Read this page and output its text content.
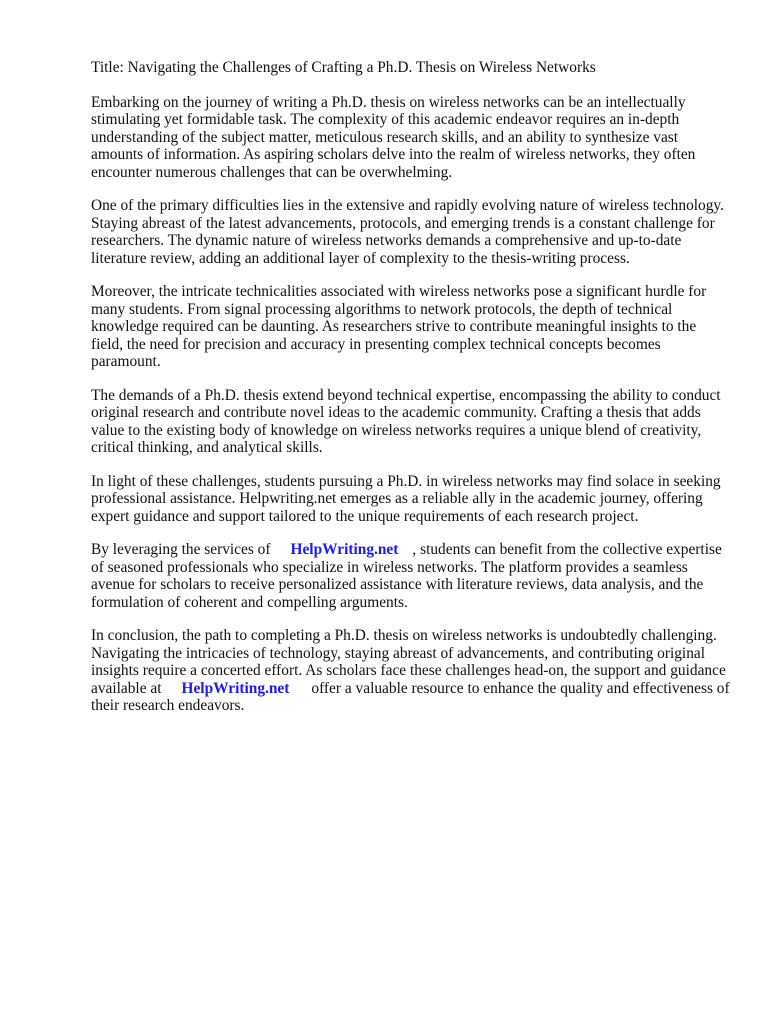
Title: Navigating the Challenges of Crafting a Ph.D. Thesis on Wireless Networks

Embarking on the journey of writing a Ph.D. thesis on wireless networks can be an intellectually stimulating yet formidable task. The complexity of this academic endeavor requires an in-depth understanding of the subject matter, meticulous research skills, and an ability to synthesize vast amounts of information. As aspiring scholars delve into the realm of wireless networks, they often encounter numerous challenges that can be overwhelming.

One of the primary difficulties lies in the extensive and rapidly evolving nature of wireless technology. Staying abreast of the latest advancements, protocols, and emerging trends is a constant challenge for researchers. The dynamic nature of wireless networks demands a comprehensive and up-to-date literature review, adding an additional layer of complexity to the thesis-writing process.

Moreover, the intricate technicalities associated with wireless networks pose a significant hurdle for many students. From signal processing algorithms to network protocols, the depth of technical knowledge required can be daunting. As researchers strive to contribute meaningful insights to the field, the need for precision and accuracy in presenting complex technical concepts becomes paramount.

The demands of a Ph.D. thesis extend beyond technical expertise, encompassing the ability to conduct original research and contribute novel ideas to the academic community. Crafting a thesis that adds value to the existing body of knowledge on wireless networks requires a unique blend of creativity, critical thinking, and analytical skills.

In light of these challenges, students pursuing a Ph.D. in wireless networks may find solace in seeking professional assistance. Helpwriting.net emerges as a reliable ally in the academic journey, offering expert guidance and support tailored to the unique requirements of each research project.

By leveraging the services of HelpWriting.net , students can benefit from the collective expertise of seasoned professionals who specialize in wireless networks. The platform provides a seamless avenue for scholars to receive personalized assistance with literature reviews, data analysis, and the formulation of coherent and compelling arguments.

In conclusion, the path to completing a Ph.D. thesis on wireless networks is undoubtedly challenging. Navigating the intricacies of technology, staying abreast of advancements, and contributing original insights require a concerted effort. As scholars face these challenges head-on, the support and guidance available at HelpWriting.net offer a valuable resource to enhance the quality and effectiveness of their research endeavors.
